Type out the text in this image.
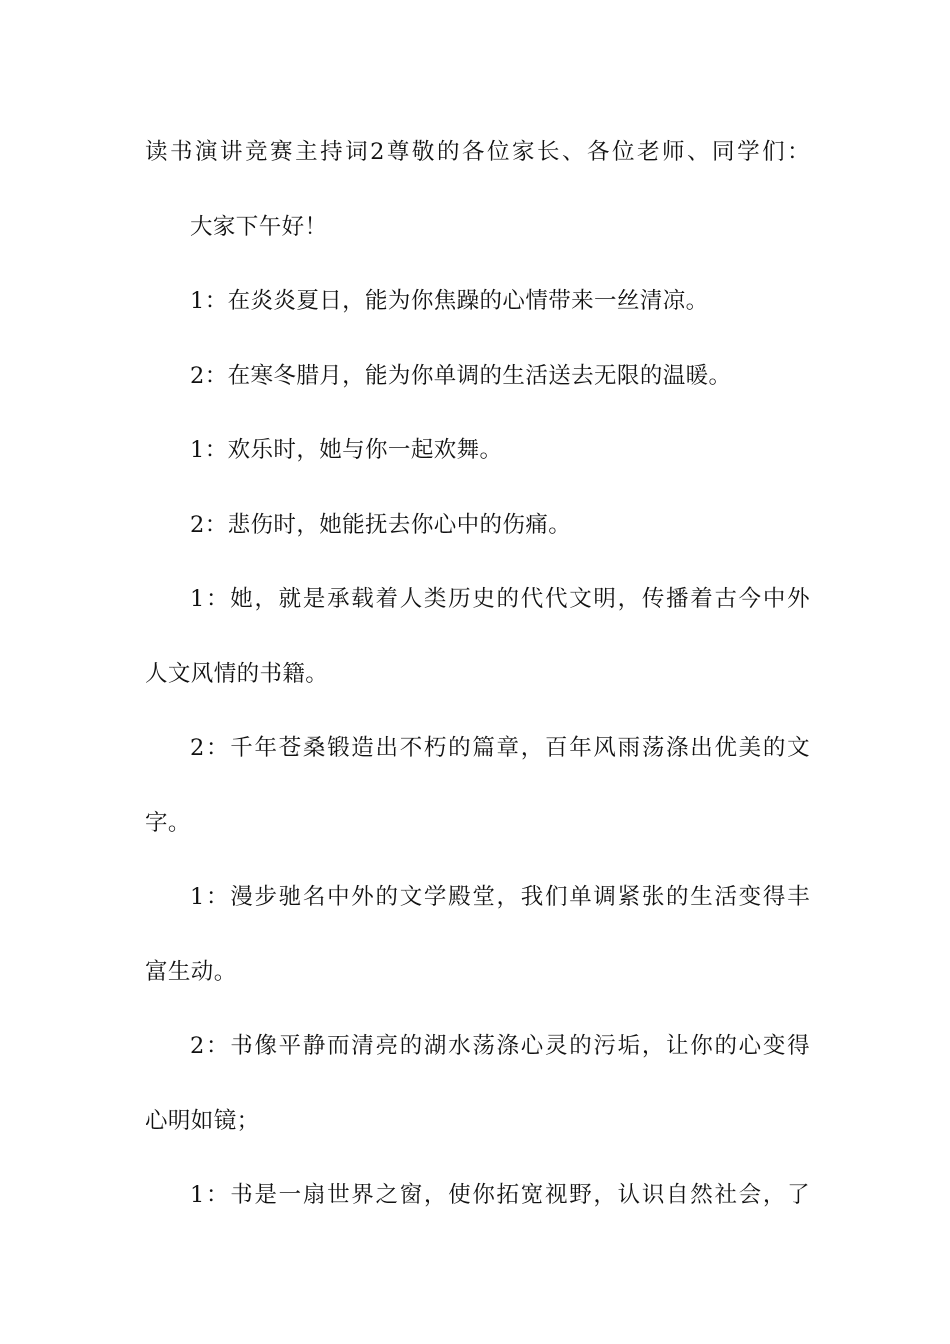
读书演讲竞赛主持词2尊敬的各位家长、各位老师、同学们：
大家下午好！
1：在炎炎夏日，能为你焦躁的心情带来一丝清凉。
2：在寒冬腊月，能为你单调的生活送去无限的温暖。
1：欢乐时，她与你一起欢舞。
2：悲伤时，她能抚去你心中的伤痛。
1：她，就是承载着人类历史的代代文明，传播着古今中外
人文风情的书籍。
2：千年苍桑锻造出不朽的篇章，百年风雨荡涤出优美的文
字。
1：漫步驰名中外的文学殿堂，我们单调紧张的生活变得丰
富生动。
2：书像平静而清亮的湖水荡涤心灵的污垢，让你的心变得
心明如镜；
1：书是一扇世界之窗，使你拓宽视野，认识自然社会，了
